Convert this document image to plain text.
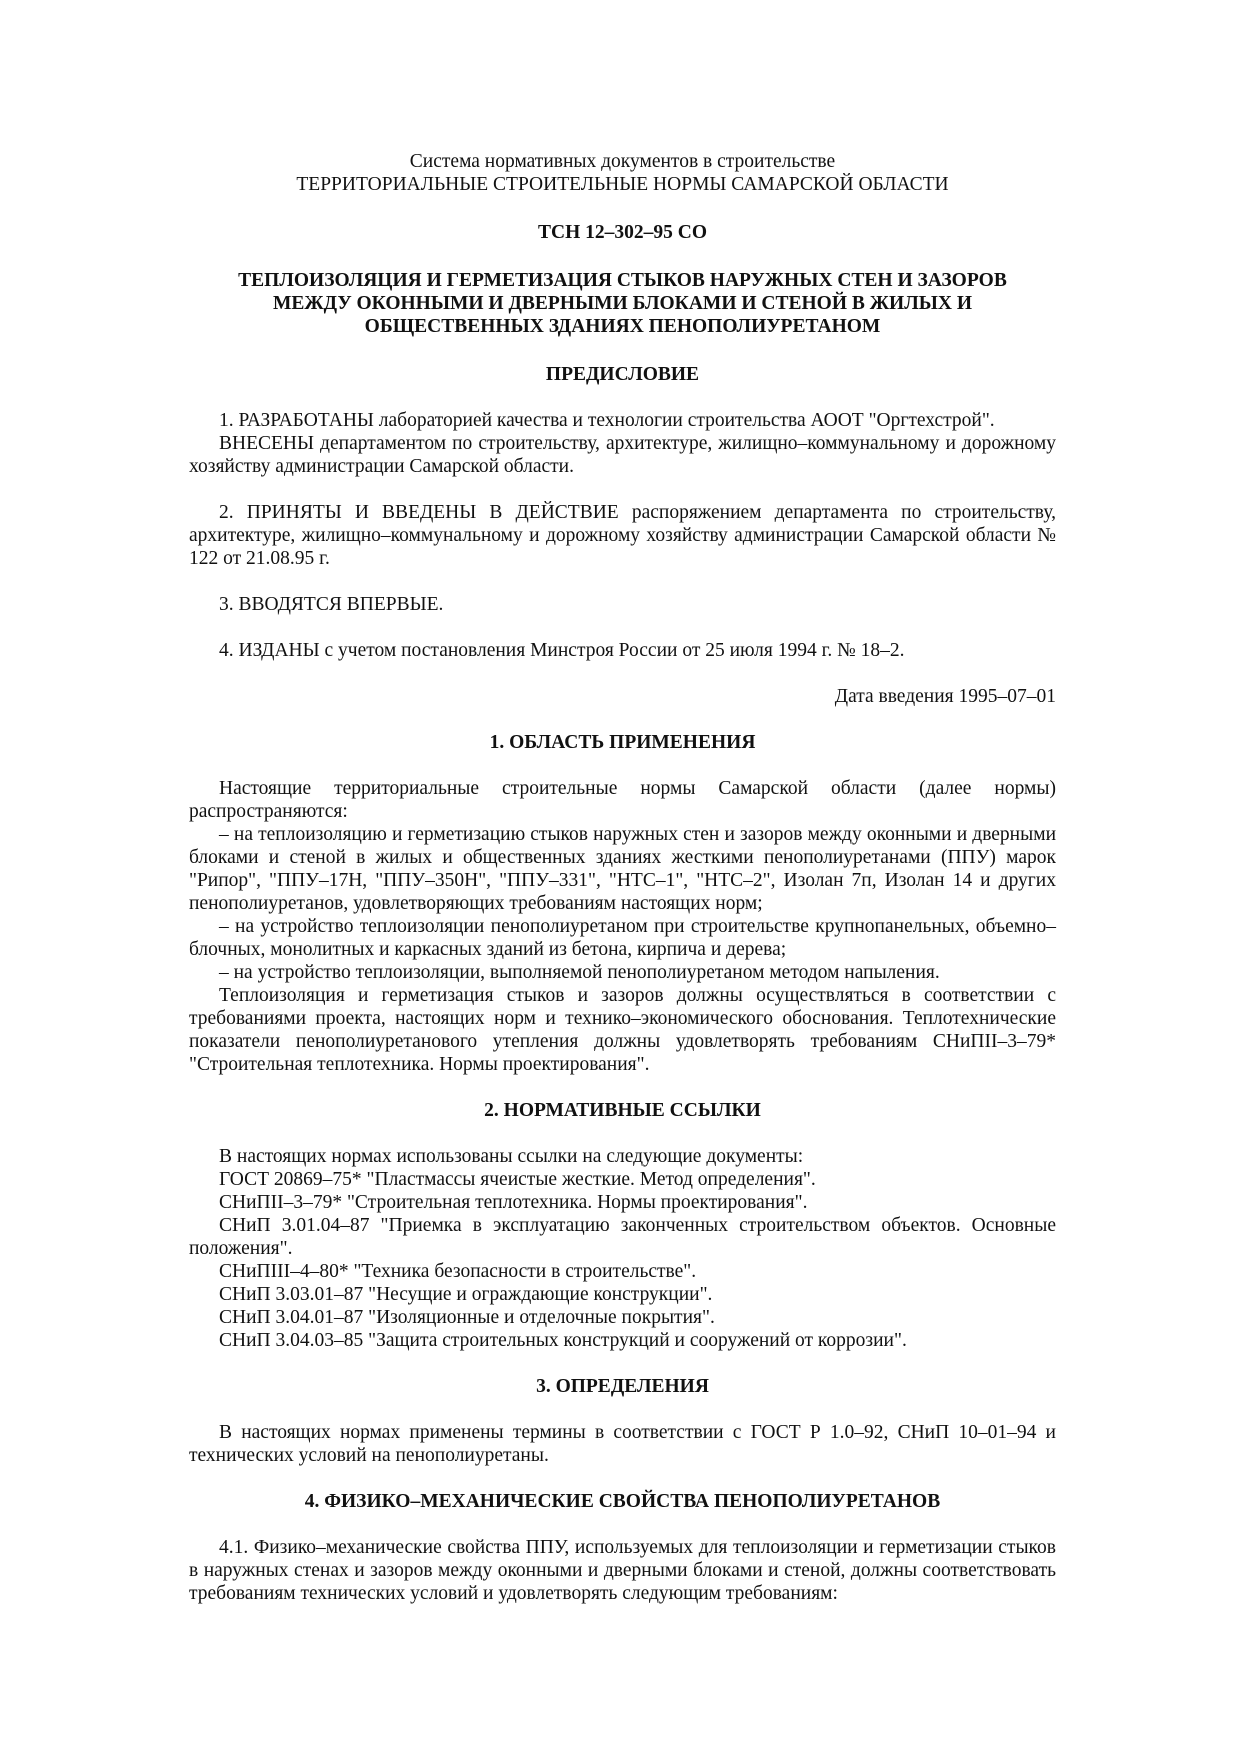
Система нормативных документов в строительстве
ТЕРРИТОРИАЛЬНЫЕ СТРОИТЕЛЬНЫЕ НОРМЫ САМАРСКОЙ ОБЛАСТИ
ТСН 12–302–95 СО
ТЕПЛОИЗОЛЯЦИЯ И ГЕРМЕТИЗАЦИЯ СТЫКОВ НАРУЖНЫХ СТЕН И ЗАЗОРОВ
МЕЖДУ ОКОННЫМИ И ДВЕРНЫМИ БЛОКАМИ И СТЕНОЙ В ЖИЛЫХ И
ОБЩЕСТВЕННЫХ ЗДАНИЯХ ПЕНОПОЛИУРЕТАНОМ
ПРЕДИСЛОВИЕ

1. РАЗРАБОТАНЫ лабораторией качества и технологии строительства АООТ "Оргтехстрой".

ВНЕСЕНЫ департаментом по строительству, архитектуре, жилищно–коммунальному и дорожному хозяйству администрации Самарской области.

2. ПРИНЯТЫ И ВВЕДЕНЫ В ДЕЙСТВИЕ распоряжением департамента по строительству, архитектуре, жилищно–коммунальному и дорожному хозяйству администрации Самарской области № 122 от 21.08.95 г.

3. ВВОДЯТСЯ ВПЕРВЫЕ.

4. ИЗДАНЫ с учетом постановления Минстроя России от 25 июля 1994 г. № 18–2.

Дата введения 1995–07–01

1. ОБЛАСТЬ ПРИМЕНЕНИЯ

Настоящие территориальные строительные нормы Самарской области (далее нормы) распространяются:

– на теплоизоляцию и герметизацию стыков наружных стен и зазоров между оконными и дверными блоками и стеной в жилых и общественных зданиях жесткими пенополиуретанами (ППУ) марок "Рипор", "ППУ–17Н, "ППУ–350Н", "ППУ–331", "НТС–1", "НТС–2", Изолан 7п, Изолан 14 и других пенополиуретанов, удовлетворяющих требованиям настоящих норм;

– на устройство теплоизоляции пенополиуретаном при строительстве крупнопанельных, объемно–блочных, монолитных и каркасных зданий из бетона, кирпича и дерева;

– на устройство теплоизоляции, выполняемой пенополиуретаном методом напыления.

Теплоизоляция и герметизация стыков и зазоров должны осуществляться в соответствии с требованиями проекта, настоящих норм и технико–экономического обоснования. Теплотехнические показатели пенополиуретанового утепления должны удовлетворять требованиям СНиПII–3–79* "Строительная теплотехника. Нормы проектирования".

2. НОРМАТИВНЫЕ ССЫЛКИ

В настоящих нормах использованы ссылки на следующие документы:

ГОСТ 20869–75* "Пластмассы ячеистые жесткие. Метод определения".

СНиПII–3–79* "Строительная теплотехника. Нормы проектирования".

СНиП 3.01.04–87 "Приемка в эксплуатацию законченных строительством объектов. Основные положения".

СНиПIII–4–80* "Техника безопасности в строительстве".

СНиП 3.03.01–87 "Несущие и ограждающие конструкции".

СНиП 3.04.01–87 "Изоляционные и отделочные покрытия".

СНиП 3.04.03–85 "Защита строительных конструкций и сооружений от коррозии".

3. ОПРЕДЕЛЕНИЯ

В настоящих нормах применены термины в соответствии с ГОСТ Р 1.0–92, СНиП 10–01–94 и технических условий на пенополиуретаны.

4. ФИЗИКО–МЕХАНИЧЕСКИЕ СВОЙСТВА ПЕНОПОЛИУРЕТАНОВ

4.1. Физико–механические свойства ППУ, используемых для теплоизоляции и герметизации стыков в наружных стенах и зазоров между оконными и дверными блоками и стеной, должны соответствовать требованиям технических условий и удовлетворять следующим требованиям:
